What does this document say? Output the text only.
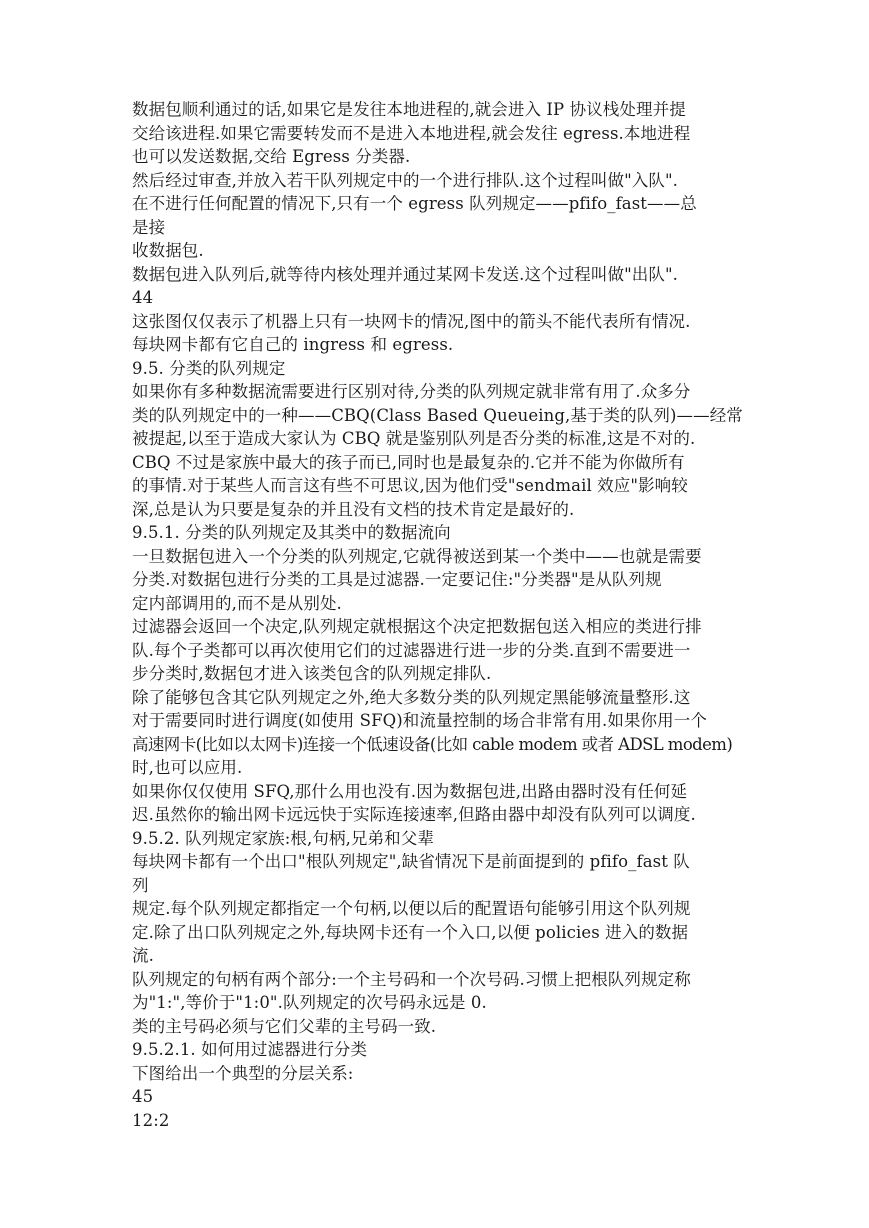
数据包顺利通过的话,如果它是发往本地进程的,就会进入 IP 协议栈处理并提
交给该进程.如果它需要转发而不是进入本地进程,就会发往 egress.本地进程
也可以发送数据,交给 Egress 分类器.
然后经过审查,并放入若干队列规定中的一个进行排队.这个过程叫做"入队".
在不进行任何配置的情况下,只有一个 egress 队列规定——pfifo_fast——总
是接
收数据包.
数据包进入队列后,就等待内核处理并通过某网卡发送.这个过程叫做"出队".
44
这张图仅仅表示了机器上只有一块网卡的情况,图中的箭头不能代表所有情况.
每块网卡都有它自己的 ingress 和 egress.
9.5. 分类的队列规定
如果你有多种数据流需要进行区别对待,分类的队列规定就非常有用了.众多分
类的队列规定中的一种——CBQ(Class Based Queueing,基于类的队列)——经常
被提起,以至于造成大家认为 CBQ 就是鉴别队列是否分类的标准,这是不对的.
CBQ 不过是家族中最大的孩子而已,同时也是最复杂的.它并不能为你做所有
的事情.对于某些人而言这有些不可思议,因为他们受"sendmail 效应"影响较
深,总是认为只要是复杂的并且没有文档的技术肯定是最好的.
9.5.1. 分类的队列规定及其类中的数据流向
一旦数据包进入一个分类的队列规定,它就得被送到某一个类中——也就是需要
分类.对数据包进行分类的工具是过滤器.一定要记住:"分类器"是从队列规
定内部调用的,而不是从别处.
过滤器会返回一个决定,队列规定就根据这个决定把数据包送入相应的类进行排
队.每个子类都可以再次使用它们的过滤器进行进一步的分类.直到不需要进一
步分类时,数据包才进入该类包含的队列规定排队.
除了能够包含其它队列规定之外,绝大多数分类的队列规定黑能够流量整形.这
对于需要同时进行调度(如使用 SFQ)和流量控制的场合非常有用.如果你用一个
高速网卡(比如以太网卡)连接一个低速设备(比如 cable modem 或者 ADSL modem)
时,也可以应用.
如果你仅仅使用 SFQ,那什么用也没有.因为数据包进,出路由器时没有任何延
迟.虽然你的输出网卡远远快于实际连接速率,但路由器中却没有队列可以调度.
9.5.2. 队列规定家族:根,句柄,兄弟和父辈
每块网卡都有一个出口"根队列规定",缺省情况下是前面提到的 pfifo_fast 队
列
规定.每个队列规定都指定一个句柄,以便以后的配置语句能够引用这个队列规
定.除了出口队列规定之外,每块网卡还有一个入口,以便 policies 进入的数据
流.
队列规定的句柄有两个部分:一个主号码和一个次号码.习惯上把根队列规定称
为"1:",等价于"1:0".队列规定的次号码永远是 0.
类的主号码必须与它们父辈的主号码一致.
9.5.2.1. 如何用过滤器进行分类
下图给出一个典型的分层关系:
45
12:2
